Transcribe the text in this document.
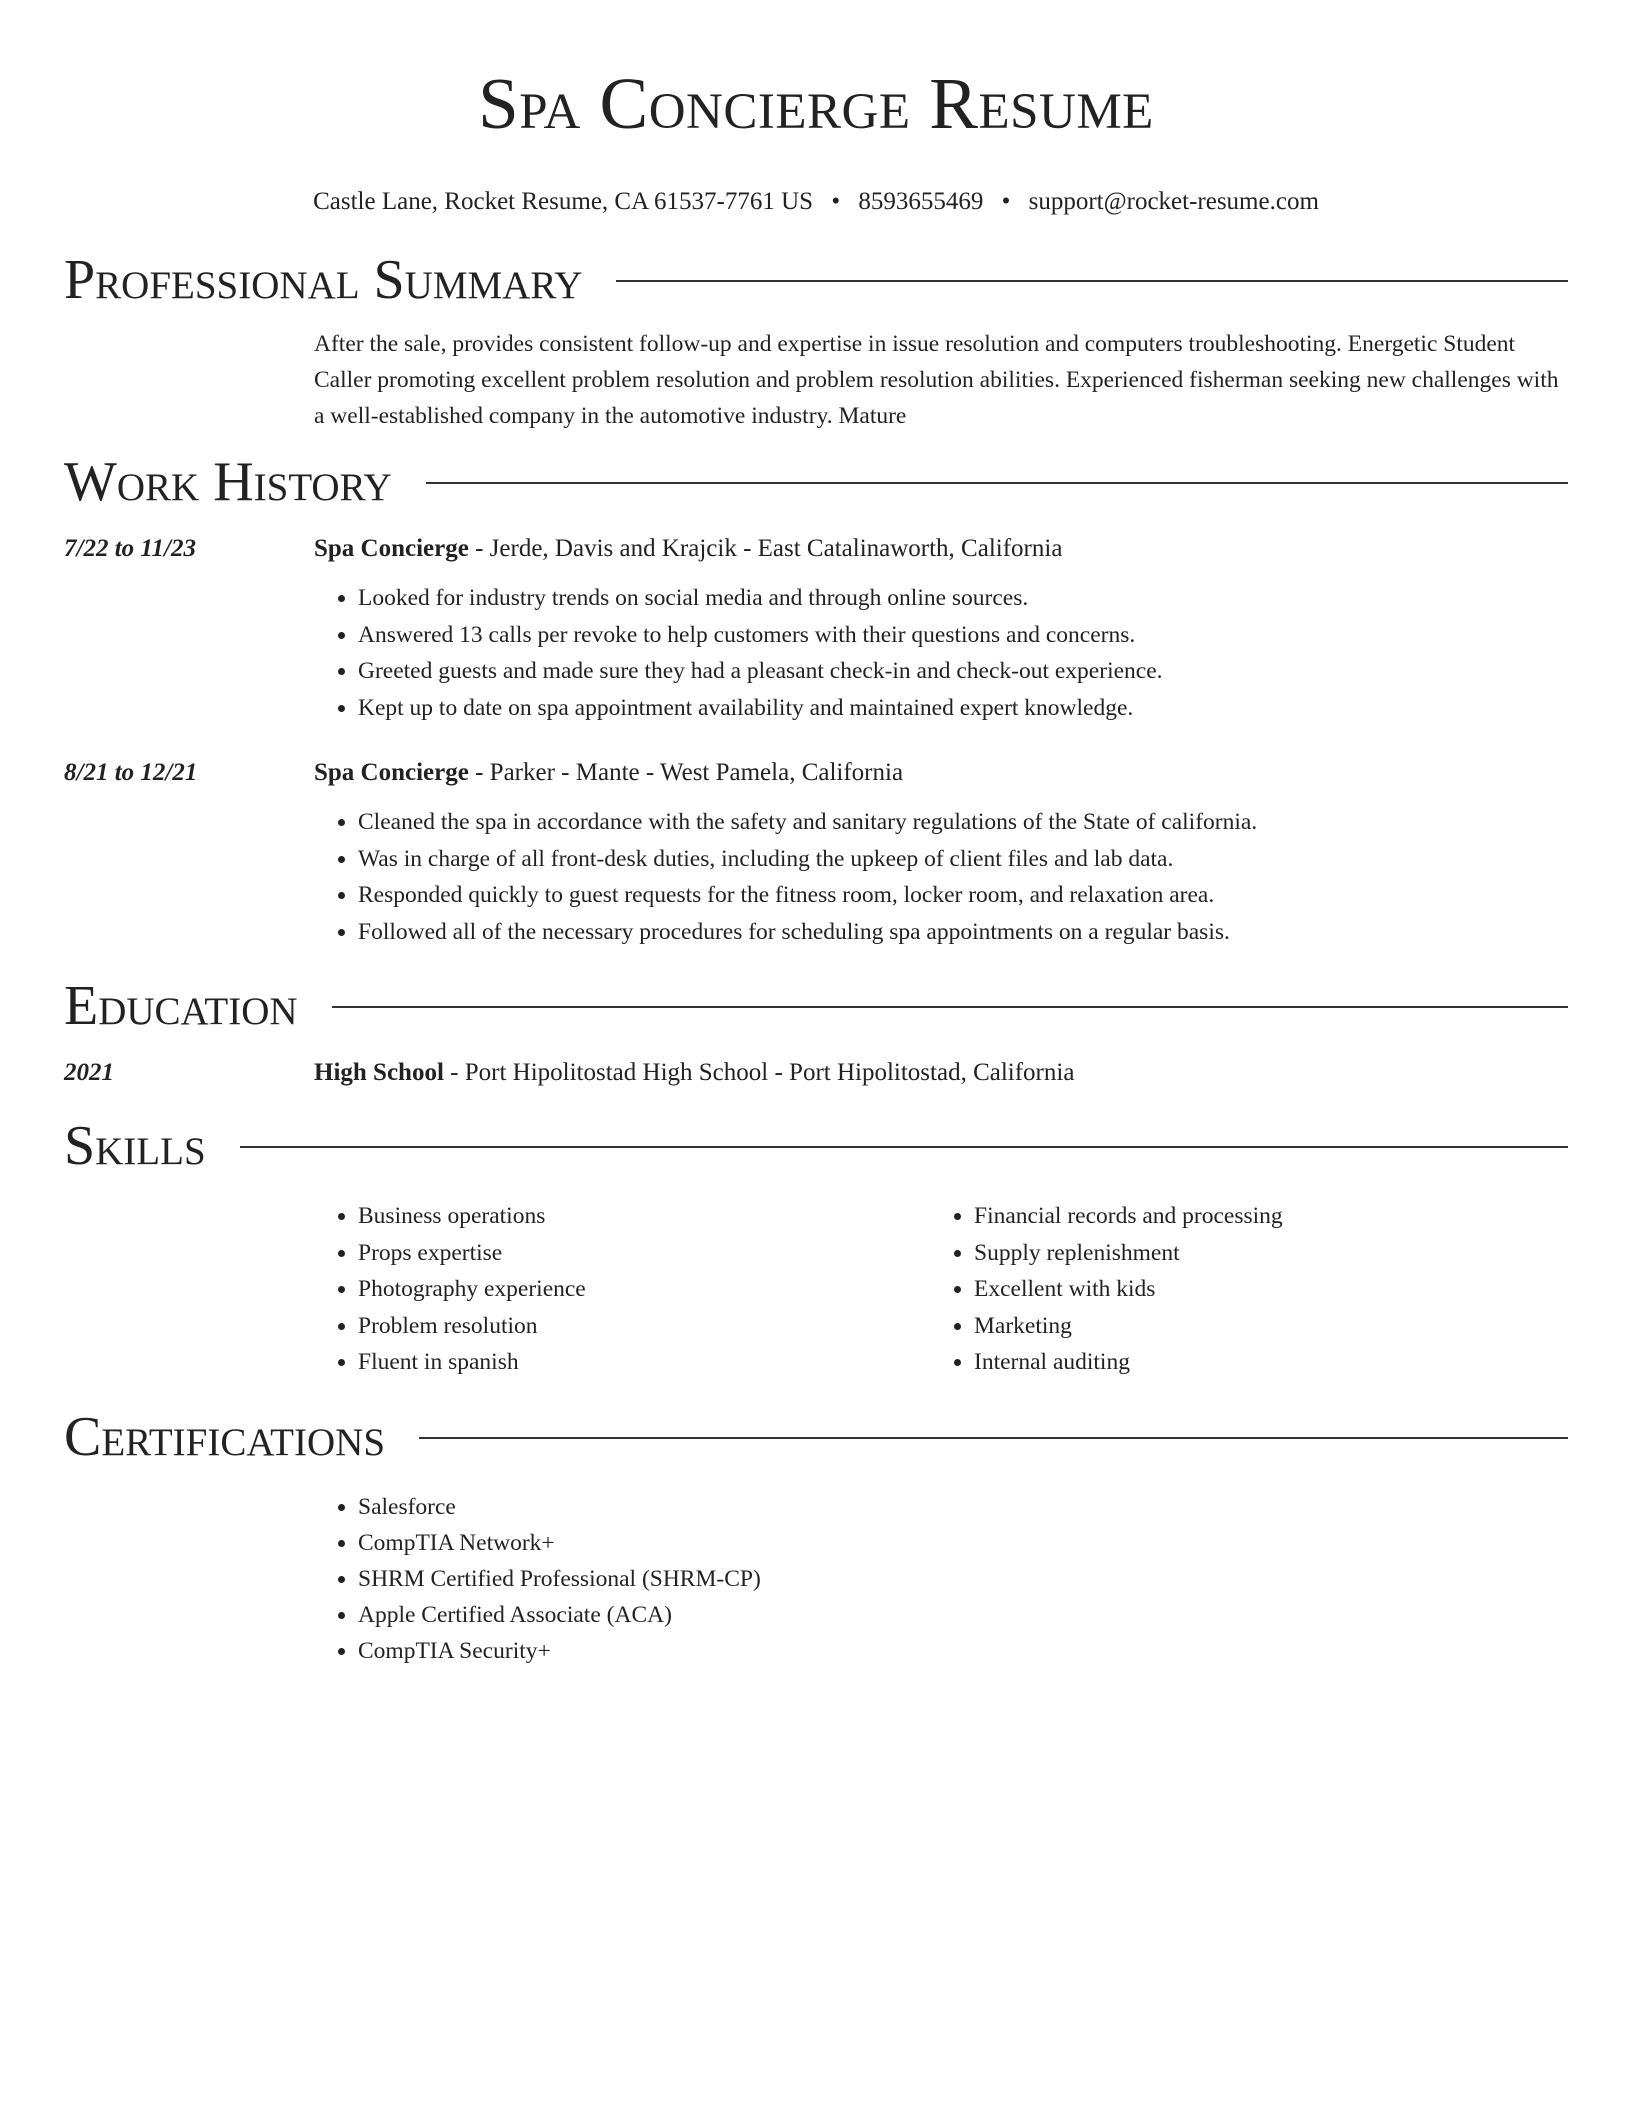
Spa Concierge Resume
Castle Lane, Rocket Resume, CA 61537-7761 US • 8593655469 • support@rocket-resume.com
Professional Summary
After the sale, provides consistent follow-up and expertise in issue resolution and computers troubleshooting. Energetic Student Caller promoting excellent problem resolution and problem resolution abilities. Experienced fisherman seeking new challenges with a well-established company in the automotive industry. Mature
Work History
7/22 to 11/23	Spa Concierge - Jerde, Davis and Krajcik - East Catalinaworth, California
• Looked for industry trends on social media and through online sources.
• Answered 13 calls per revoke to help customers with their questions and concerns.
• Greeted guests and made sure they had a pleasant check-in and check-out experience.
• Kept up to date on spa appointment availability and maintained expert knowledge.
8/21 to 12/21	Spa Concierge - Parker - Mante - West Pamela, California
• Cleaned the spa in accordance with the safety and sanitary regulations of the State of california.
• Was in charge of all front-desk duties, including the upkeep of client files and lab data.
• Responded quickly to guest requests for the fitness room, locker room, and relaxation area.
• Followed all of the necessary procedures for scheduling spa appointments on a regular basis.
Education
2021	High School - Port Hipolitostad High School - Port Hipolitostad, California
Skills
• Business operations
• Props expertise
• Photography experience
• Problem resolution
• Fluent in spanish
• Financial records and processing
• Supply replenishment
• Excellent with kids
• Marketing
• Internal auditing
Certifications
• Salesforce
• CompTIA Network+
• SHRM Certified Professional (SHRM-CP)
• Apple Certified Associate (ACA)
• CompTIA Security+
